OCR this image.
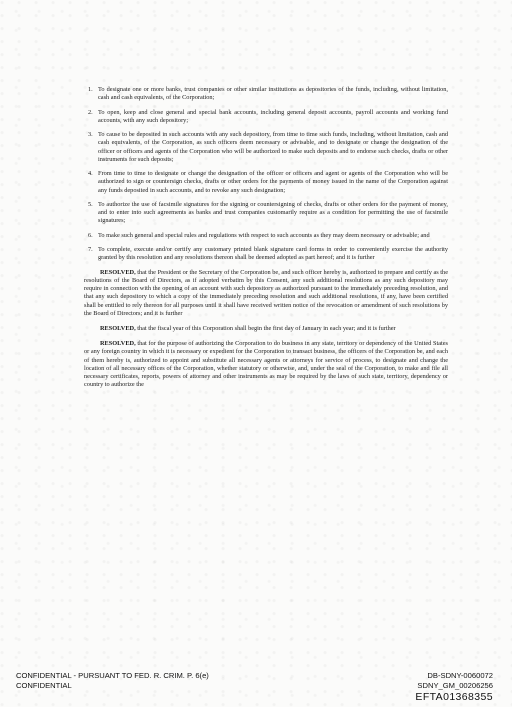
1. To designate one or more banks, trust companies or other similar institutions as depositories of the funds, including, without limitation, cash and cash equivalents, of the Corporation;
2. To open, keep and close general and special bank accounts, including general deposit accounts, payroll accounts and working fund accounts, with any such depository;
3. To cause to be deposited in such accounts with any such depository, from time to time such funds, including, without limitation, cash and cash equivalents, of the Corporation, as such officers deem necessary or advisable, and to designate or change the designation of the officer or officers and agents of the Corporation who will be authorized to make such deposits and to endorse such checks, drafts or other instruments for such deposits;
4. From time to time to designate or change the designation of the officer or officers and agent or agents of the Corporation who will be authorized to sign or countersign checks, drafts or other orders for the payments of money issued in the name of the Corporation against any funds deposited in such accounts, and to revoke any such designation;
5. To authorize the use of facsimile signatures for the signing or countersigning of checks, drafts or other orders for the payment of money, and to enter into such agreements as banks and trust companies customarily require as a condition for permitting the use of facsimile signatures;
6. To make such general and special rules and regulations with respect to such accounts as they may deem necessary or advisable; and
7. To complete, execute and/or certify any customary printed blank signature card forms in order to conveniently exercise the authority granted by this resolution and any resolutions thereon shall be deemed adopted as part hereof; and it is further

RESOLVED, that the President or the Secretary of the Corporation be, and such officer hereby is, authorized to prepare and certify as the resolutions of the Board of Directors, as if adopted verbatim by this Consent, any such additional resolutions as any such depository may require in connection with the opening of an account with such depository as authorized pursuant to the immediately preceding resolution, and that any such depository to which a copy of the immediately preceding resolution and such additional resolutions, if any, have been certified shall be entitled to rely thereon for all purposes until it shall have received written notice of the revocation or amendment of such resolutions by the Board of Directors; and it is further

RESOLVED, that the fiscal year of this Corporation shall begin the first day of January in each year; and it is further

RESOLVED, that for the purpose of authorizing the Corporation to do business in any state, territory or dependency of the United States or any foreign country in which it is necessary or expedient for the Corporation to transact business, the officers of the Corporation be, and each of them hereby is, authorized to appoint and substitute all necessary agents or attorneys for service of process, to designate and change the location of all necessary offices of the Corporation, whether statutory or otherwise, and, under the seal of the Corporation, to make and file all necessary certificates, reports, powers of attorney and other instruments as may be required by the laws of such state, territory, dependency or country to authorize the

CONFIDENTIAL - PURSUANT TO FED. R. CRIM. P. 6(e)
CONFIDENTIAL
DB-SDNY-0060072
SDNY_GM_00206256
EFTA01368355
